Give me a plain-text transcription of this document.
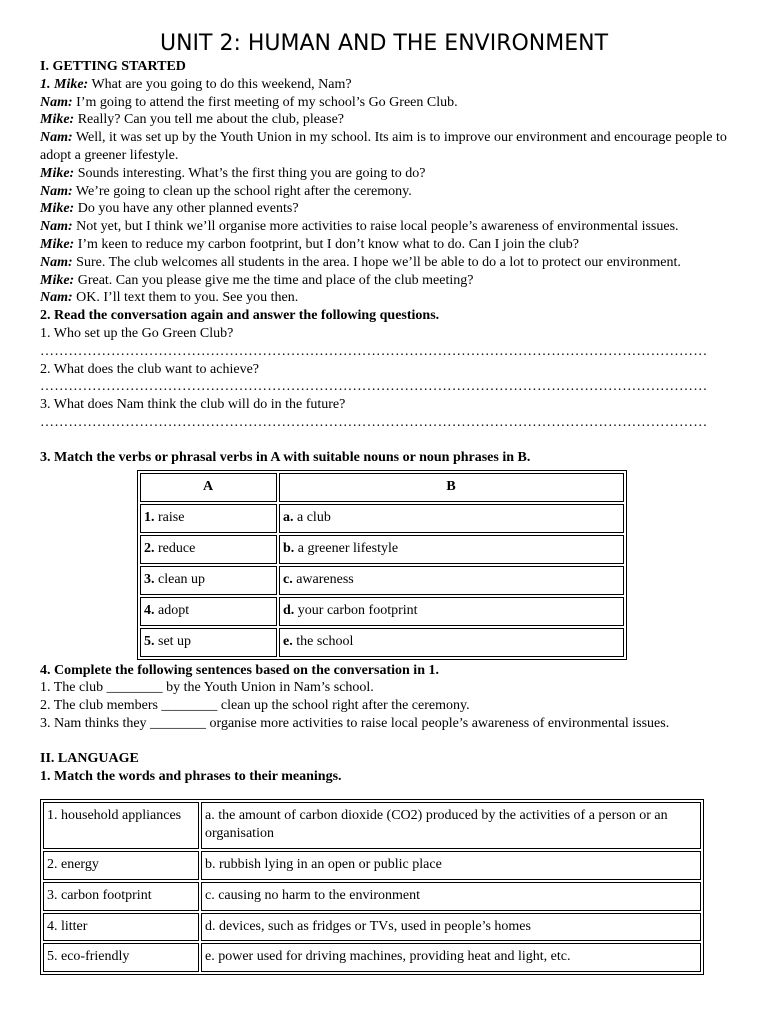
UNIT 2: HUMAN AND THE ENVIRONMENT

I. GETTING STARTED

1. Mike: What are you going to do this weekend, Nam?

Nam: I’m going to attend the first meeting of my school’s Go Green Club.

Mike: Really? Can you tell me about the club, please?

Nam: Well, it was set up by the Youth Union in my school. Its aim is to improve our environment and encourage people to adopt a greener lifestyle.

Mike: Sounds interesting. What’s the first thing you are going to do?

Nam: We’re going to clean up the school right after the ceremony.

Mike: Do you have any other planned events?

Nam: Not yet, but I think we’ll organise more activities to raise local people’s awareness of environmental issues.

Mike: I’m keen to reduce my carbon footprint, but I don’t know what to do. Can I join the club?

Nam: Sure. The club welcomes all students in the area. I hope we’ll be able to do a lot to protect our environment.

Mike: Great. Can you please give me the time and place of the club meeting?

Nam: OK. I’ll text them to you. See you then.

2. Read the conversation again and answer the following questions.

1. Who set up the Go Green Club?

……………………………………………………………………………………………………………………………

2. What does the club want to achieve?

……………………………………………………………………………………………………………………………

3. What does Nam think the club will do in the future?

……………………………………………………………………………………………………………………………

3. Match the verbs or phrasal verbs in A with suitable nouns or noun phrases in B.

A	B
1. raise	a. a club
2. reduce	b. a greener lifestyle
3. clean up	c. awareness
4. adopt	d. your carbon footprint
5. set up	e. the school

4. Complete the following sentences based on the conversation in 1.

1. The club ________ by the Youth Union in Nam’s school.

2. The club members ________ clean up the school right after the ceremony.

3. Nam thinks they ________ organise more activities to raise local people’s awareness of environmental issues.

II. LANGUAGE

1. Match the words and phrases to their meanings.

1. household appliances	a. the amount of carbon dioxide (CO2) produced by the activities of a person or an organisation
2. energy	b. rubbish lying in an open or public place
3. carbon footprint	c. causing no harm to the environment
4. litter	d. devices, such as fridges or TVs, used in people’s homes
5. eco-friendly	e. power used for driving machines, providing heat and light, etc.
